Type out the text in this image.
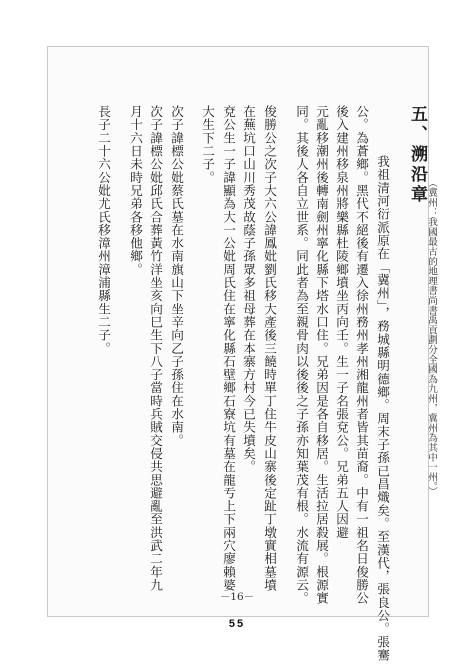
五、溯沿章
（冀州：我國最古的地理書尚書禹貢劃分全國為九州，冀州為其中一州。）
我祖清河衍派原在「冀州」，務城縣明德鄉。周末子孫已昌熾矣。至漢代，張良公。張騫
公。為蒼鄉。黑代不絕後有遷入徐州務州孝州湘龍州者皆其苗裔。中有一祖名日俊勝公
後入建州移泉州將樂縣杜陵鄉墳坐丙向壬。生一子名張兗公。兄弟五人因避
元亂移潮州後轉南劍州寧化縣下塔水口住。兄弟因是各自移居。生活拉居殺展。根源實
同。其後人各自立世系。同此者為至親骨肉以後後之子孫亦知葉茂有根。水流有源云。
俊勝公之次子大六公諱鳳妣劉氏移大產後三饒時單丁住牛皮山寨後定趾丁墩實相墓墳
在蕪坑口山川秀茂故蔭子孫眾多祖母葬在本寨方村今已失墳矣。
兗公生一子諱顯為大一公妣周氏住在寧化縣石壁鄉石寮坑有墓在龍亐上下兩穴廖賴婆
大生下二子。
次子諱標公妣蔡氏墓在水南旗山下坐辛向乙子孫住在水南。
次子諱標公妣邱氏合葬黃竹洋坐亥向巳生下八子當時兵賊交侵共思避亂至洪武二年九
月十六日未時兄弟各移他鄉。
長子二十六公妣尤氏移漳州漳浦縣生二子。
－16－
55
